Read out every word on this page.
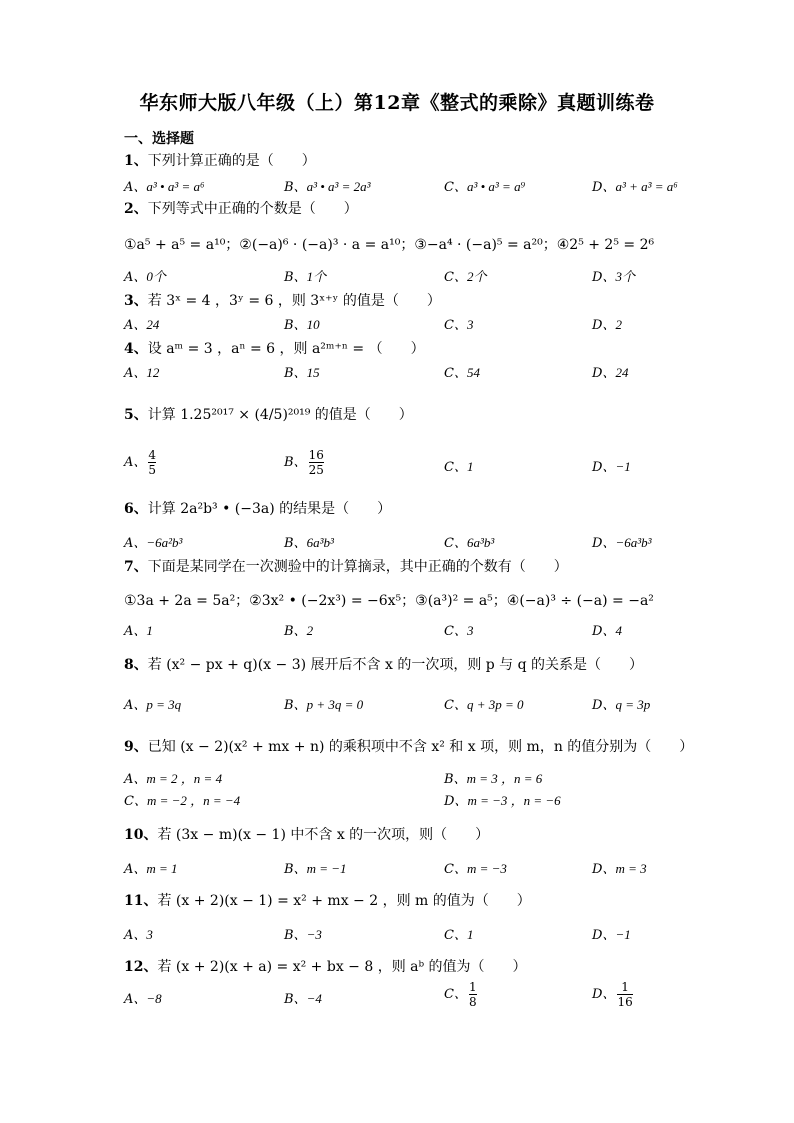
华东师大版八年级（上）第12章《整式的乘除》真题训练卷
一、选择题
1、下列计算正确的是（　　）
A、a³ • a³ = a⁶	B、a³ • a³ = 2a³	C、a³ • a³ = a⁹	D、a³ + a³ = a⁶
2、下列等式中正确的个数是（　　）
①a⁵ + a⁵ = a¹⁰；②(−a)⁶ · (−a)³ · a = a¹⁰；③−a⁴ · (−a)⁵ = a²⁰；④2⁵ + 2⁵ = 2⁶
A、0个	B、1个	C、2个	D、3个
3、若 3ˣ = 4 ，3ʸ = 6 ，则 3ˣ⁺ʸ 的值是（　　）
A、24	B、10	C、3	D、2
4、设 aᵐ = 3 ，aⁿ = 6 ，则 a²ᵐ⁺ⁿ = （　　）
A、12	B、15	C、54	D、24
5、计算 1.25²⁰¹⁷ × (4/5)²⁰¹⁹ 的值是（　　）
A、 $\frac{4}{5}$	B、 $\frac{16}{25}$	C、1	D、−1
6、计算 2a²b³ • (−3a) 的结果是（　　）
A、−6a²b³	B、6a³b³	C、6a³b³	D、−6a³b³
7、下面是某同学在一次测验中的计算摘录，其中正确的个数有（　　）
①3a + 2a = 5a²；②3x² • (−2x³) = −6x⁵；③(a³)² = a⁵；④(−a)³ ÷ (−a) = −a²
A、1	B、2	C、3	D、4
8、若 (x² − px + q)(x − 3) 展开后不含 x 的一次项，则 p 与 q 的关系是（　　）
A、p = 3q	B、p + 3q = 0	C、q + 3p = 0	D、q = 3p
9、已知 (x − 2)(x² + mx + n) 的乘积项中不含 x² 和 x 项，则 m，n 的值分别为（　　）
A、m = 2 ，n = 4	B、m = 3 ，n = 6
C、m = −2 ，n = −4	D、m = −3 ，n = −6
10、若 (3x − m)(x − 1) 中不含 x 的一次项，则（　　）
A、m = 1	B、m = −1	C、m = −3	D、m = 3
11、若 (x + 2)(x − 1) = x² + mx − 2 ，则 m 的值为（　　）
A、3	B、−3	C、1	D、−1
12、若 (x + 2)(x + a) = x² + bx − 8 ，则 aᵇ 的值为（　　）
A、−8	B、−4	C、 $\frac{1}{8}$	D、 $\frac{1}{16}$
